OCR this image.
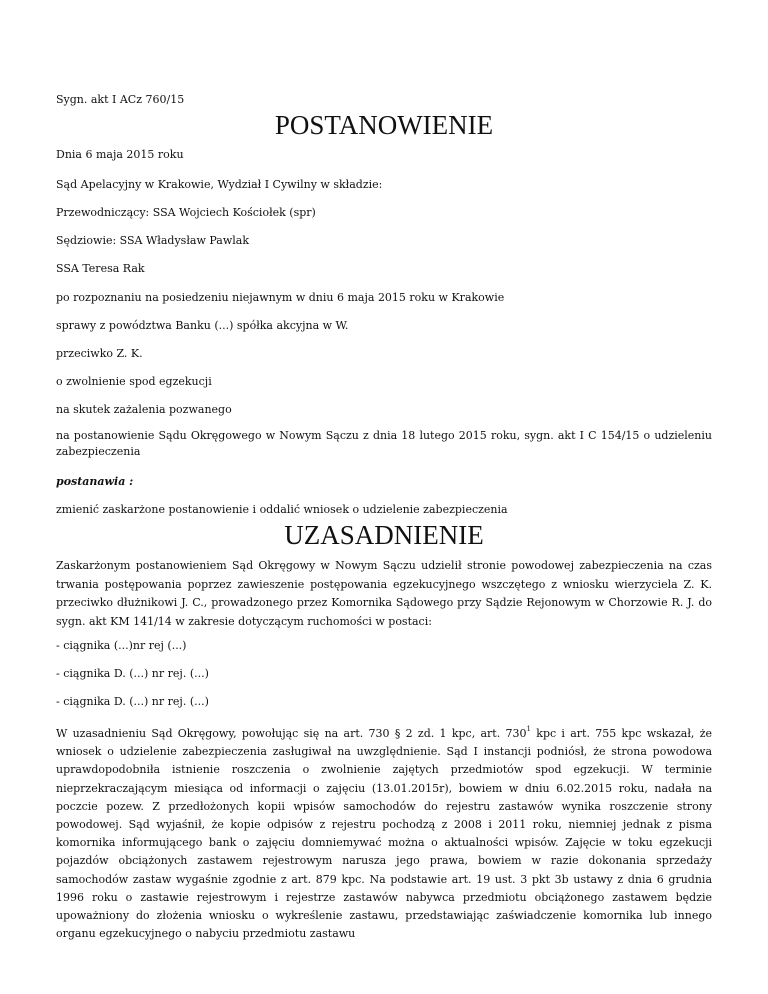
Sygn. akt I ACz 760/15

POSTANOWIENIE

Dnia 6 maja 2015 roku

Sąd Apelacyjny w Krakowie, Wydział I Cywilny w składzie:

Przewodniczący: SSA Wojciech Kościołek (spr)

Sędziowie: SSA Władysław Pawlak

SSA Teresa Rak

po rozpoznaniu na posiedzeniu niejawnym w dniu 6 maja 2015 roku w Krakowie

sprawy z powództwa Banku (...) spółka akcyjna w W.

przeciwko Z. K.

o zwolnienie spod egzekucji

na skutek zażalenia pozwanego

na postanowienie Sądu Okręgowego w Nowym Sączu z dnia 18 lutego 2015 roku, sygn. akt I C 154/15 o udzieleniu zabezpieczenia

postanawia :

zmienić zaskarżone postanowienie i oddalić wniosek o udzielenie zabezpieczenia

UZASADNIENIE

Zaskarżonym postanowieniem Sąd Okręgowy w Nowym Sączu udzielił stronie powodowej zabezpieczenia na czas trwania postępowania poprzez zawieszenie postępowania egzekucyjnego wszczętego z wniosku wierzyciela Z. K. przeciwko dłużnikowi J. C., prowadzonego przez Komornika Sądowego przy Sądzie Rejonowym w Chorzowie R. J. do sygn. akt KM 141/14 w zakresie dotyczącym ruchomości w postaci:

- ciągnika (...)nr rej (...)

- ciągnika D. (...) nr rej. (...)

- ciągnika D. (...) nr rej. (...)

W uzasadnieniu Sąd Okręgowy, powołując się na art. 730 § 2 zd. 1 kpc, art. $730^1$ kpc i art. 755 kpc wskazał, że wniosek o udzielenie zabezpieczenia zasługiwał na uwzględnienie. Sąd I instancji podniósł, że strona powodowa uprawdopodobniła istnienie roszczenia o zwolnienie zajętych przedmiotów spod egzekucji. W terminie nieprzekraczającym miesiąca od informacji o zajęciu (13.01.2015r), bowiem w dniu 6.02.2015 roku, nadała na poczcie pozew. Z przedłożonych kopii wpisów samochodów do rejestru zastawów wynika roszczenie strony powodowej. Sąd wyjaśnił, że kopie odpisów z rejestru pochodzą z 2008 i 2011 roku, niemniej jednak z pisma komornika informującego bank o zajęciu domniemywać można o aktualności wpisów. Zajęcie w toku egzekucji pojazdów obciążonych zastawem rejestrowym narusza jego prawa, bowiem w razie dokonania sprzedaży samochodów zastaw wygaśnie zgodnie z art. 879 kpc. Na podstawie art. 19 ust. 3 pkt 3b ustawy z dnia 6 grudnia 1996 roku o zastawie rejestrowym i rejestrze zastawów nabywca przedmiotu obciążonego zastawem będzie upoważniony do złożenia wniosku o wykreślenie zastawu, przedstawiając zaświadczenie komornika lub innego organu egzekucyjnego o nabyciu przedmiotu zastawu
